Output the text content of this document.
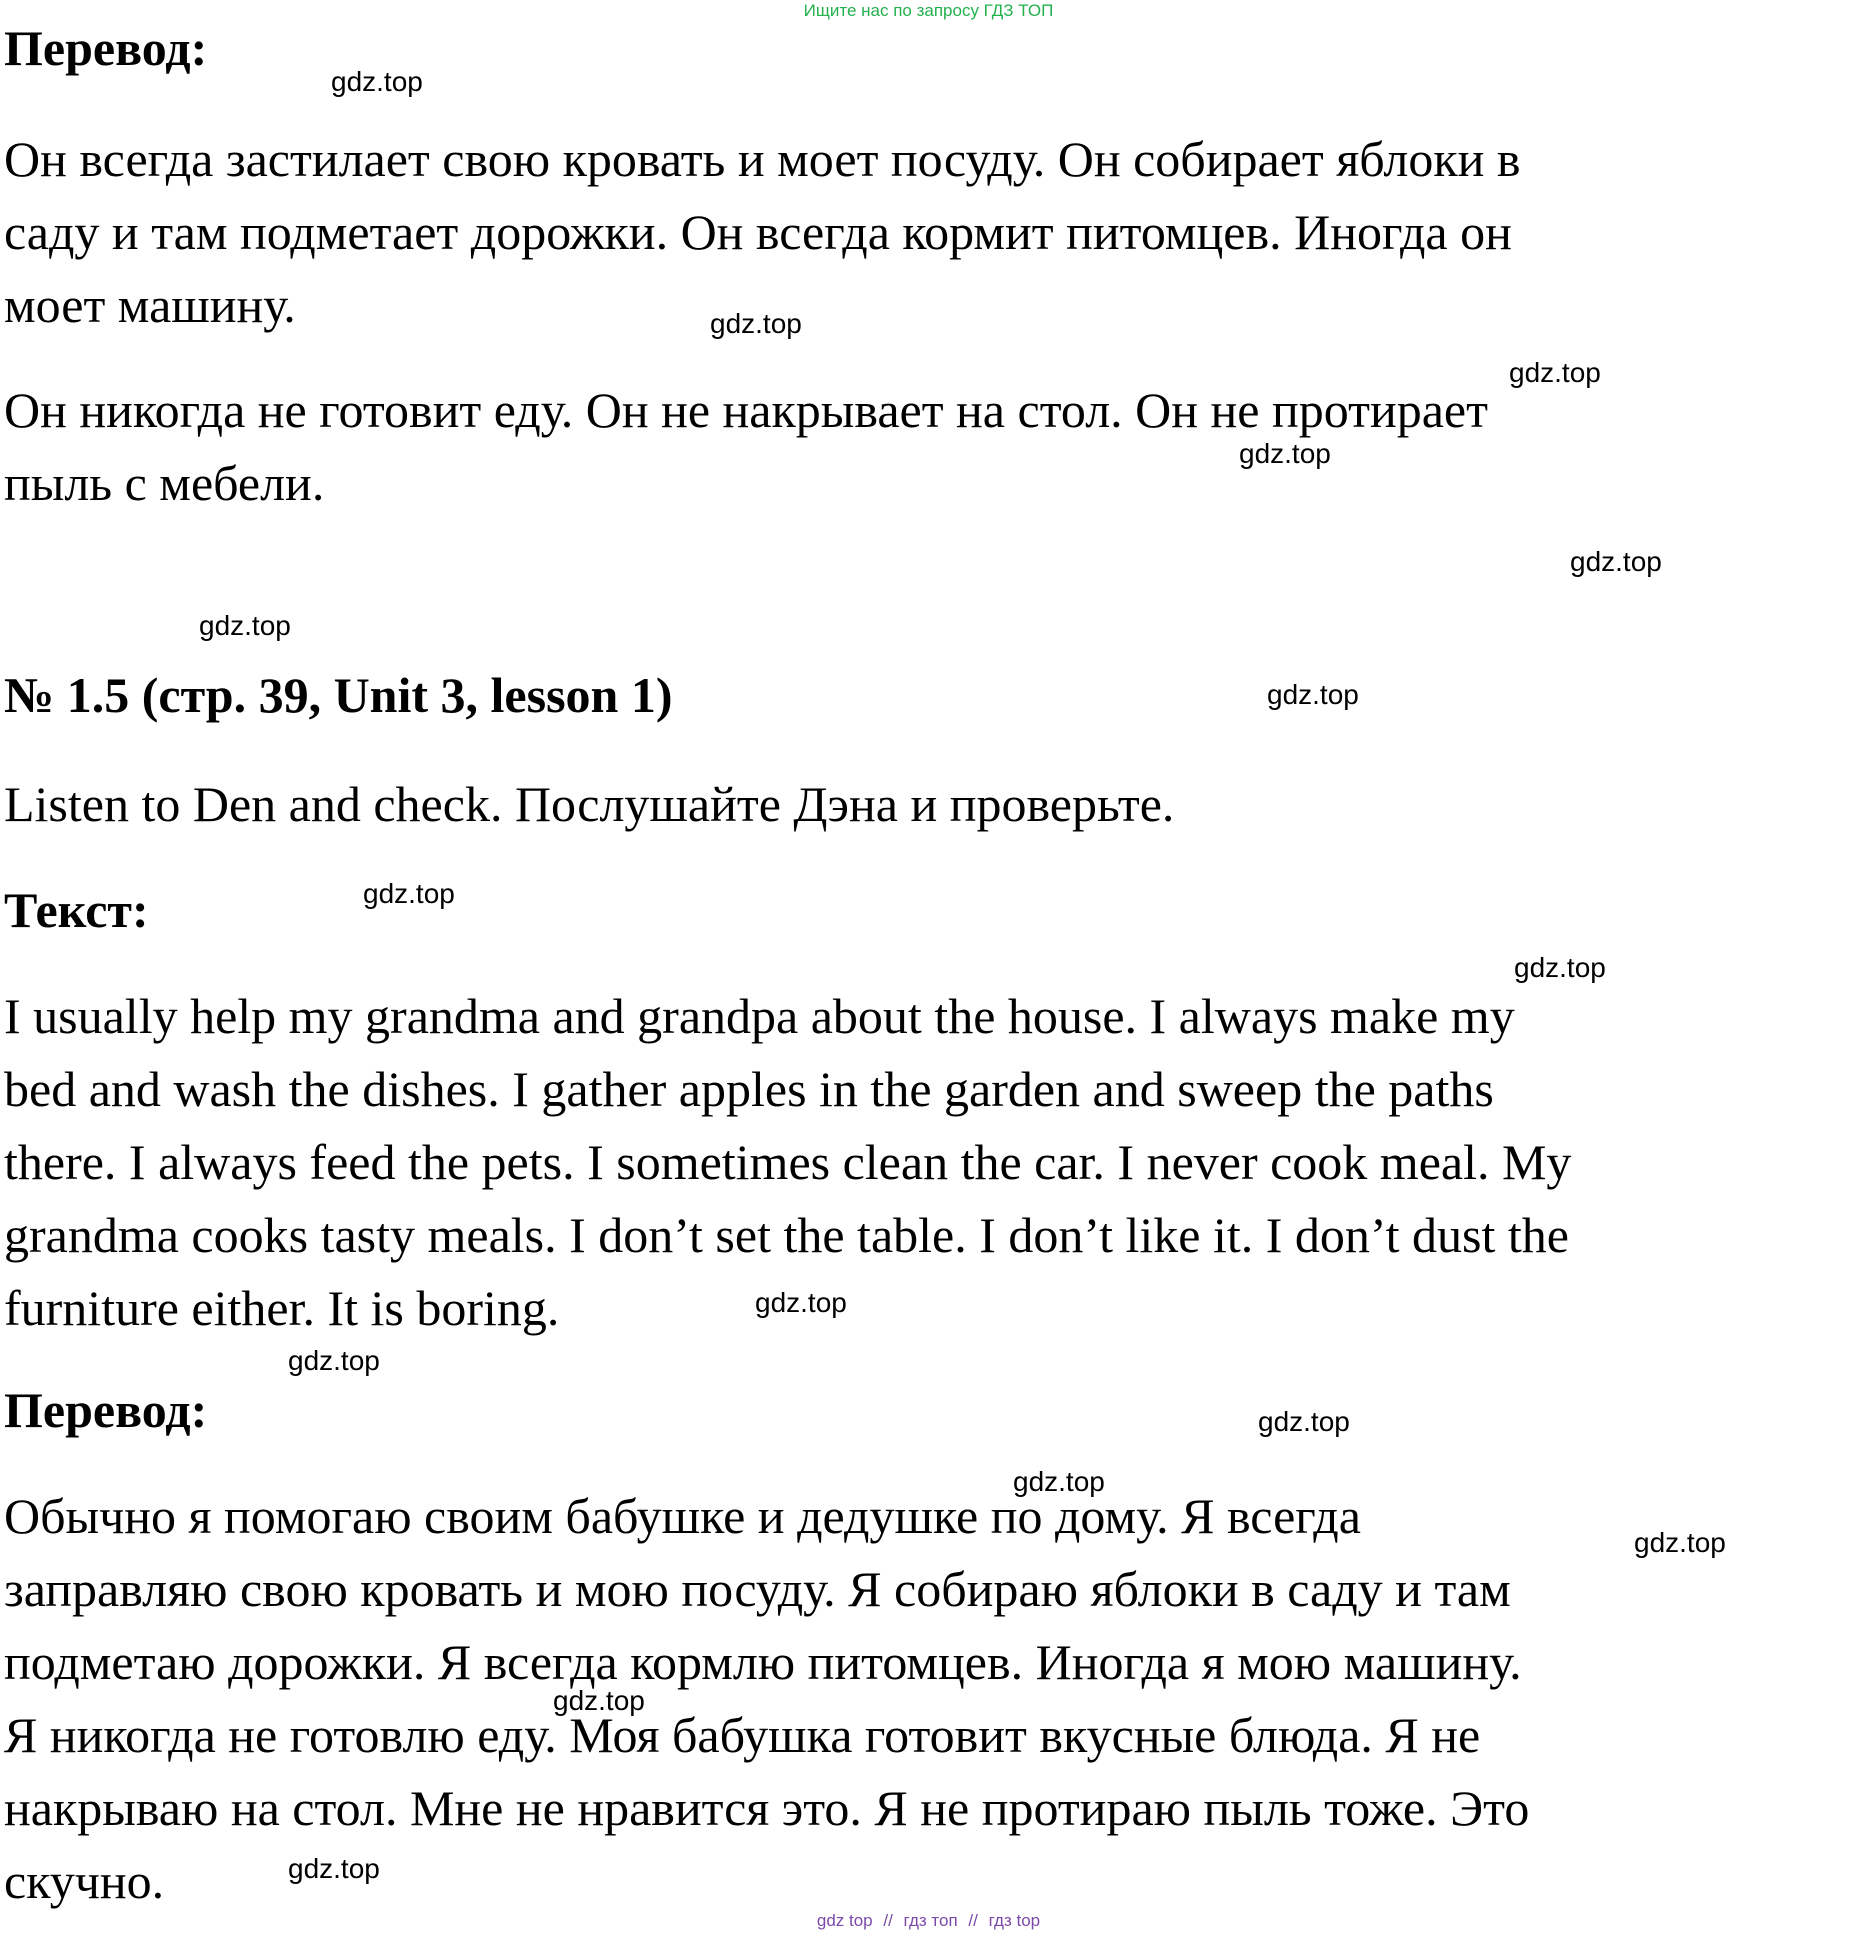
Ищите нас по запросу ГДЗ ТОП
Перевод:
Он всегда застилает свою кровать и моет посуду. Он собирает яблоки в
саду и там подметает дорожки. Он всегда кормит питомцев. Иногда он
моет машину.
Он никогда не готовит еду. Он не накрывает на стол. Он не протирает
пыль с мебели.
№ 1.5 (стр. 39, Unit 3, lesson 1)
Listen to Den and check. Послушайте Дэна и проверьте.
Текст:
I usually help my grandma and grandpa about the house. I always make my
bed and wash the dishes. I gather apples in the garden and sweep the paths
there. I always feed the pets. I sometimes clean the car. I never cook meal. My
grandma cooks tasty meals. I don’t set the table. I don’t like it. I don’t dust the
furniture either. It is boring.
Перевод:
Обычно я помогаю своим бабушке и дедушке по дому. Я всегда
заправляю свою кровать и мою посуду. Я собираю яблоки в саду и там
подметаю дорожки. Я всегда кормлю питомцев. Иногда я мою машину.
Я никогда не готовлю еду. Моя бабушка готовит вкусные блюда. Я не
накрываю на стол. Мне не нравится это. Я не протираю пыль тоже. Это
скучно.
gdz.top
gdz.top
gdz.top
gdz.top
gdz.top
gdz.top
gdz.top
gdz.top
gdz.top
gdz.top
gdz.top
gdz.top
gdz.top
gdz.top
gdz.top
gdz.top
gdz top // гдз топ // гдз top
